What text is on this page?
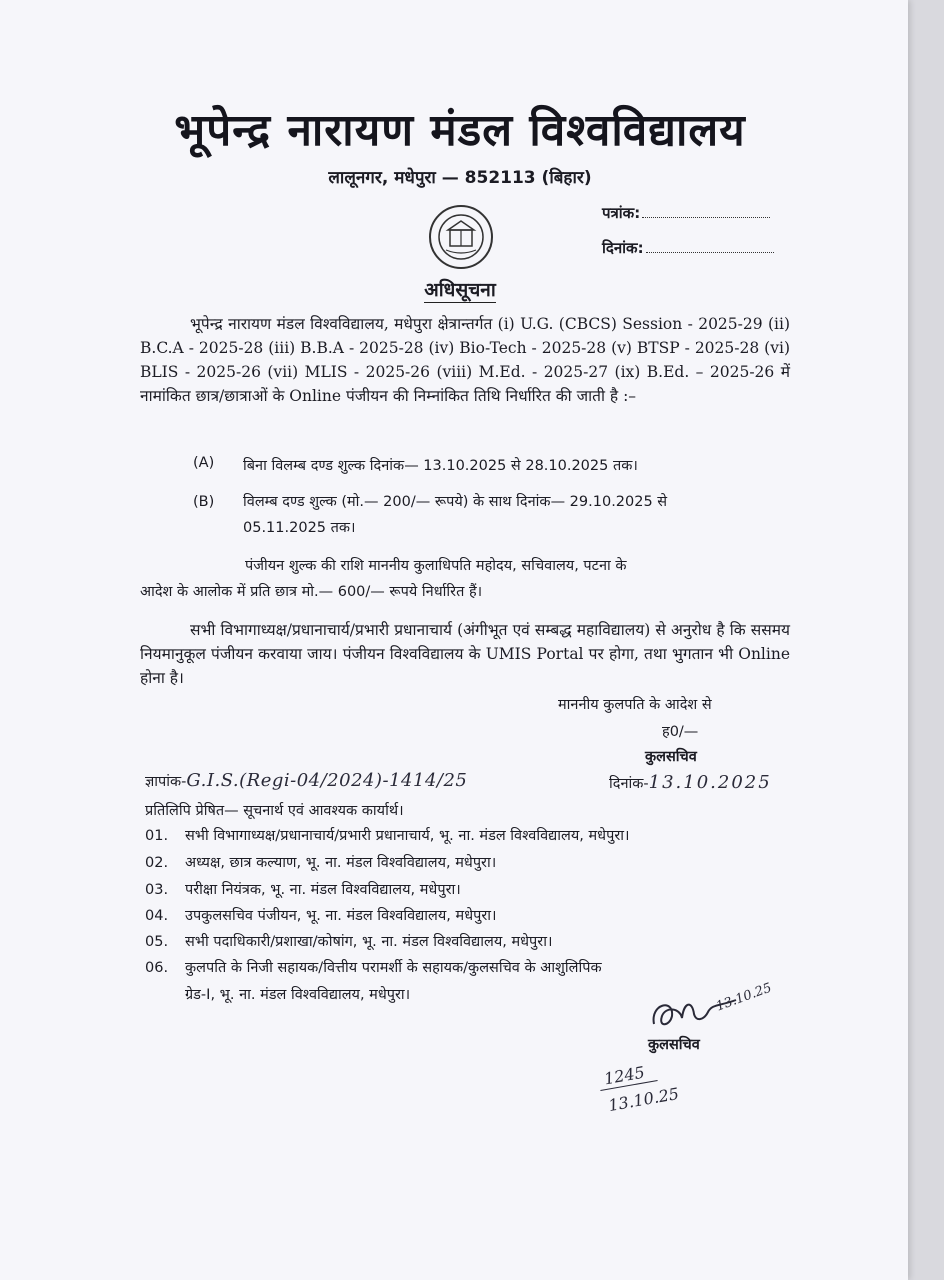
भूपेन्द्र नारायण मंडल विश्वविद्यालय
लालूनगर, मधेपुरा — 852113 (बिहार)
पत्रांक:
दिनांक:
अधिसूचना
भूपेन्द्र नारायण मंडल विश्वविद्यालय, मधेपुरा क्षेत्रान्तर्गत (i) U.G. (CBCS) Session - 2025-29 (ii) B.C.A - 2025-28 (iii) B.B.A - 2025-28 (iv) Bio-Tech - 2025-28 (v) BTSP - 2025-28 (vi) BLIS - 2025-26 (vii) MLIS - 2025-26 (viii) M.Ed. - 2025-27 (ix) B.Ed. – 2025-26 में नामांकित छात्र/छात्राओं के Online पंजीयन की निम्नांकित तिथि निर्धारित की जाती है :–
(A) बिना विलम्ब दण्ड शुल्क दिनांक— 13.10.2025 से 28.10.2025 तक।
(B) विलम्ब दण्ड शुल्क (मो.— 200/— रूपये) के साथ दिनांक— 29.10.2025 से
05.11.2025 तक।
पंजीयन शुल्क की राशि माननीय कुलाधिपति महोदय, सचिवालय, पटना के
आदेश के आलोक में प्रति छात्र मो.— 600/— रूपये निर्धारित हैं।
सभी विभागाध्यक्ष/प्रधानाचार्य/प्रभारी प्रधानाचार्य (अंगीभूत एवं सम्बद्ध महाविद्यालय) से अनुरोध है कि ससमय नियमानुकूल पंजीयन करवाया जाय। पंजीयन विश्वविद्यालय के UMIS Portal पर होगा, तथा भुगतान भी Online होना है।
माननीय कुलपति के आदेश से
ह0/—
कुलसचिव
ज्ञापांक-G.I.S.(Regi-04/2024)-1414/25	दिनांक-13.10.2025
प्रतिलिपि प्रेषित— सूचनार्थ एवं आवश्यक कार्यार्थ।
01. सभी विभागाध्यक्ष/प्रधानाचार्य/प्रभारी प्रधानाचार्य, भू. ना. मंडल विश्वविद्यालय, मधेपुरा।
02. अध्यक्ष, छात्र कल्याण, भू. ना. मंडल विश्वविद्यालय, मधेपुरा।
03. परीक्षा नियंत्रक, भू. ना. मंडल विश्वविद्यालय, मधेपुरा।
04. उपकुलसचिव पंजीयन, भू. ना. मंडल विश्वविद्यालय, मधेपुरा।
05. सभी पदाधिकारी/प्रशाखा/कोषांग, भू. ना. मंडल विश्वविद्यालय, मधेपुरा।
06. कुलपति के निजी सहायक/वित्तीय परामर्शी के सहायक/कुलसचिव के आशुलिपिक
ग्रेड-I, भू. ना. मंडल विश्वविद्यालय, मधेपुरा।	13.10.25
कुलसचिव
1245
13.10.25
